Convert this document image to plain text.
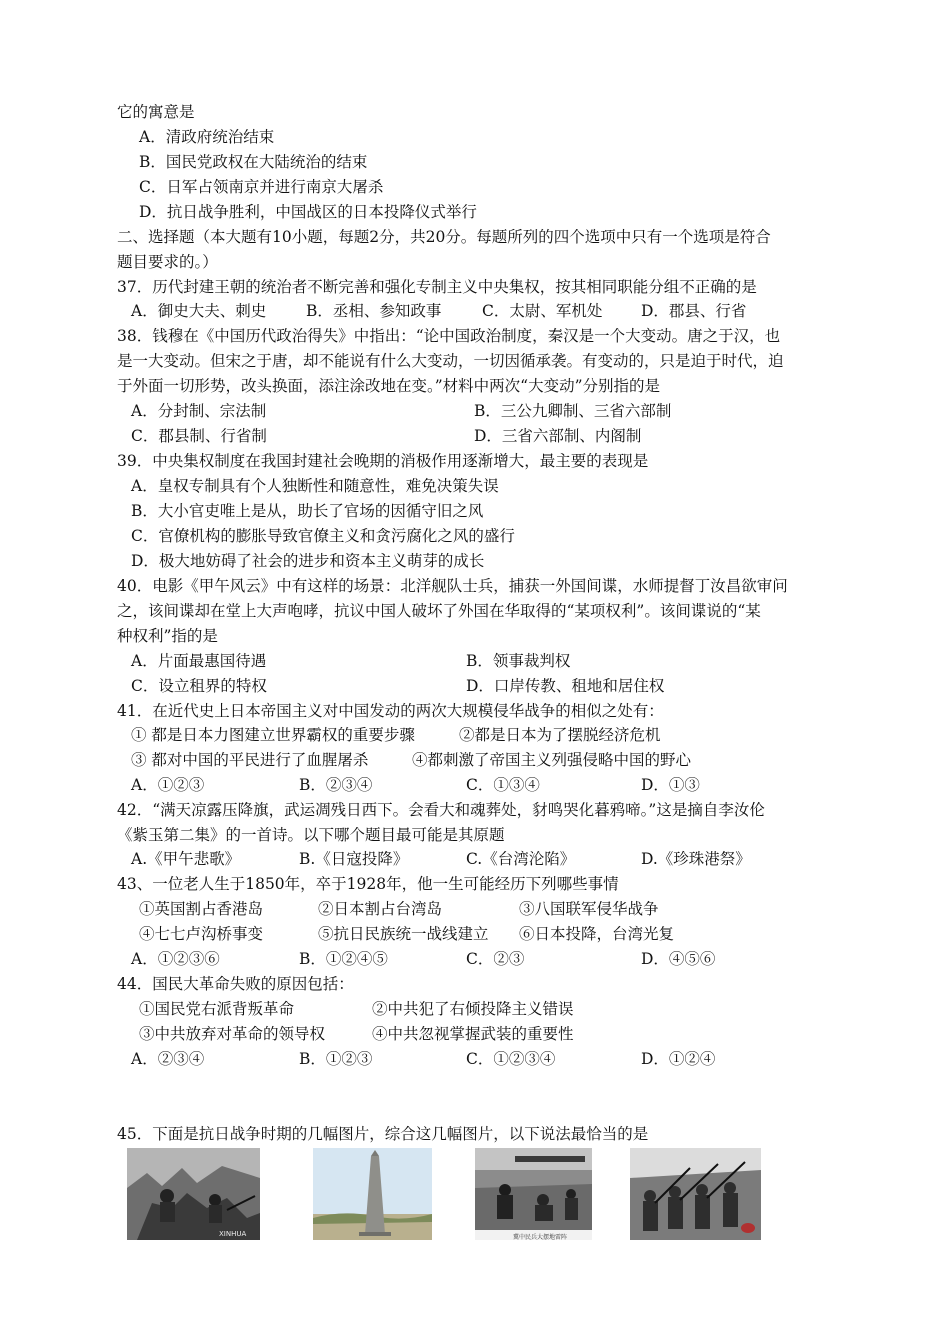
它的寓意是
A．清政府统治结束
B．国民党政权在大陆统治的结束
C．日军占领南京并进行南京大屠杀
D．抗日战争胜利，中国战区的日本投降仪式举行
二、选择题（本大题有10小题，每题2分，共20分。每题所列的四个选项中只有一个选项是符合
题目要求的。）
37．历代封建王朝的统治者不断完善和强化专制主义中央集权，按其相同职能分组不正确的是
A．御史大夫、刺史	B．丞相、参知政事	C．太尉、军机处 D．郡县、行省
38．钱穆在《中国历代政治得失》中指出：“论中国政治制度，秦汉是一个大变动。唐之于汉，也
是一大变动。但宋之于唐，却不能说有什么大变动，一切因循承袭。有变动的，只是迫于时代，迫
于外面一切形势，改头换面，添注涂改地在变。”材料中两次“大变动”分别指的是
A．分封制、宗法制	B．三公九卿制、三省六部制
C．郡县制、行省制	D．三省六部制、内阁制
39．中央集权制度在我国封建社会晚期的消极作用逐渐增大，最主要的表现是
A．皇权专制具有个人独断性和随意性，难免决策失误
B．大小官吏唯上是从，助长了官场的因循守旧之风
C．官僚机构的膨胀导致官僚主义和贪污腐化之风的盛行
D．极大地妨碍了社会的进步和资本主义萌芽的成长
40．电影《甲午风云》中有这样的场景：北洋舰队士兵，捕获一外国间谍，水师提督丁汝昌欲审问
之，该间谍却在堂上大声咆哮，抗议中国人破坏了外国在华取得的“某项权利”。该间谍说的“某
种权利”指的是
A．片面最惠国待遇	B．领事裁判权
C．设立租界的特权	D．口岸传教、租地和居住权
41．在近代史上日本帝国主义对中国发动的两次大规模侵华战争的相似之处有：
① 都是日本力图建立世界霸权的重要步骤	②都是日本为了摆脱经济危机
③ 都对中国的平民进行了血腥屠杀	④都刺激了帝国主义列强侵略中国的野心
A．①②③	B．②③④	C．①③④	D．①③
42．“满天凉露压降旗，武运凋残日西下。会看大和魂葬处，豺鸣哭化暮鸦啼。”这是摘自李汝伦
《紫玉第二集》的一首诗。以下哪个题目最可能是其原题
A.《甲午悲歌》	B.《日寇投降》	C.《台湾沦陷》	D.《珍珠港祭》
43、一位老人生于1850年，卒于1928年，他一生可能经历下列哪些事情
①英国割占香港岛	②日本割占台湾岛	③八国联军侵华战争
④七七卢沟桥事变	⑤抗日民族统一战线建立 ⑥日本投降，台湾光复
A．①②③⑥	B．①②④⑤	C．②③	D．④⑤⑥
44．国民大革命失败的原因包括：
①国民党右派背叛革命	②中共犯了右倾投降主义错误
③中共放弃对革命的领导权	④中共忽视掌握武装的重要性
A．②③④	B．①②③	C．①②③④	D．①②④
45．下面是抗日战争时期的几幅图片，综合这几幅图片，以下说法最恰当的是
XINHUA	冀中民兵大摆地雷阵
